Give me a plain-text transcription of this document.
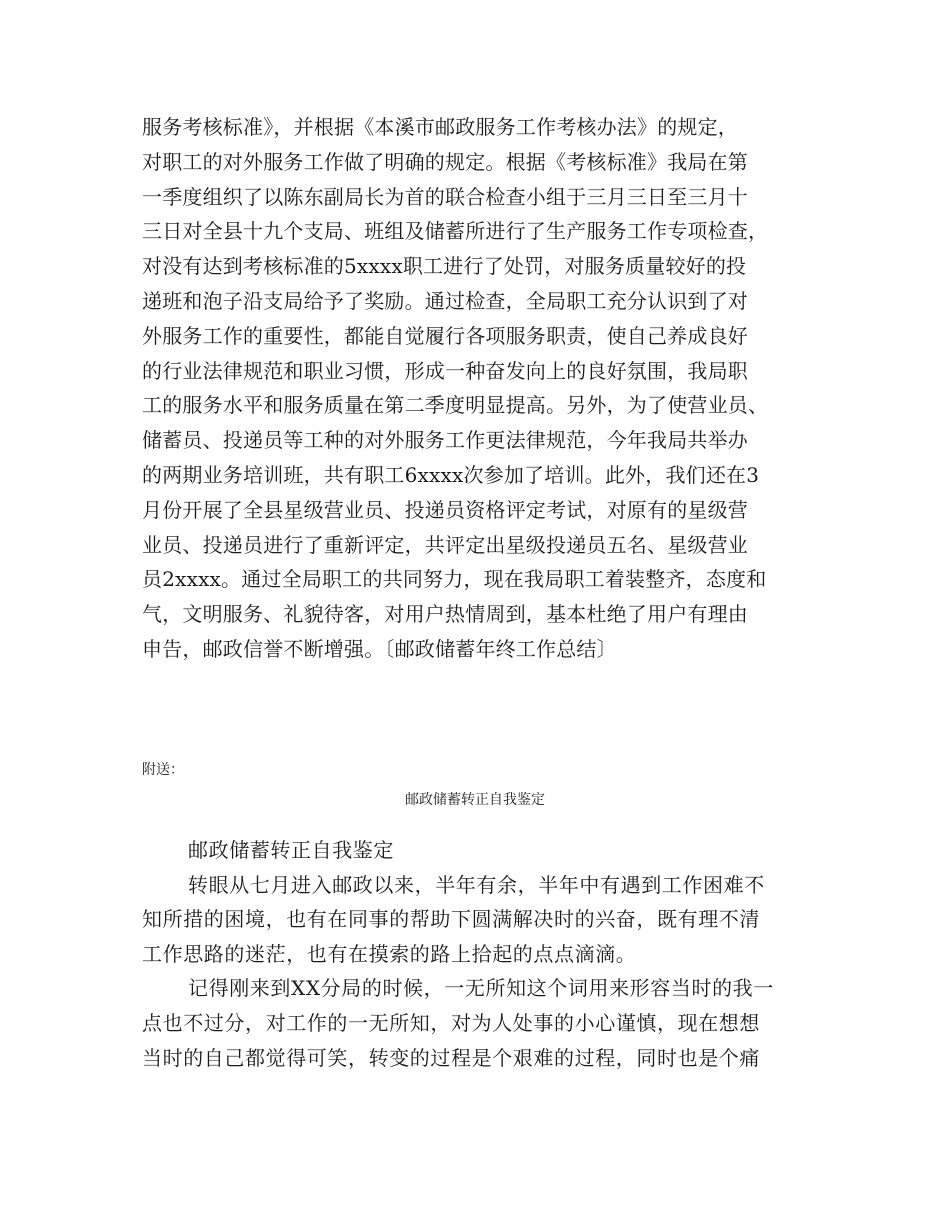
服务考核标准》，并根据《本溪市邮政服务工作考核办法》的规定，
对职工的对外服务工作做了明确的规定。根据《考核标准》我局在第
一季度组织了以陈东副局长为首的联合检查小组于三月三日至三月十
三日对全县十九个支局、班组及储蓄所进行了生产服务工作专项检查，
对没有达到考核标准的5xxxx职工进行了处罚，对服务质量较好的投
递班和泡子沿支局给予了奖励。通过检查，全局职工充分认识到了对
外服务工作的重要性，都能自觉履行各项服务职责，使自己养成良好
的行业法律规范和职业习惯，形成一种奋发向上的良好氛围，我局职
工的服务水平和服务质量在第二季度明显提高。另外，为了使营业员、
储蓄员、投递员等工种的对外服务工作更法律规范，今年我局共举办
的两期业务培训班，共有职工6xxxx次参加了培训。此外，我们还在3
月份开展了全县星级营业员、投递员资格评定考试，对原有的星级营
业员、投递员进行了重新评定，共评定出星级投递员五名、星级营业
员2xxxx。通过全局职工的共同努力，现在我局职工着装整齐，态度和
气，文明服务、礼貌待客，对用户热情周到，基本杜绝了用户有理由
申告，邮政信誉不断增强。〔邮政储蓄年终工作总结〕
附送：
邮政储蓄转正自我鉴定
邮政储蓄转正自我鉴定
转眼从七月进入邮政以来，半年有余，半年中有遇到工作困难不
知所措的困境，也有在同事的帮助下圆满解决时的兴奋，既有理不清
工作思路的迷茫，也有在摸索的路上拾起的点点滴滴。
记得刚来到XX分局的时候，一无所知这个词用来形容当时的我一
点也不过分，对工作的一无所知，对为人处事的小心谨慎，现在想想
当时的自己都觉得可笑，转变的过程是个艰难的过程，同时也是个痛
